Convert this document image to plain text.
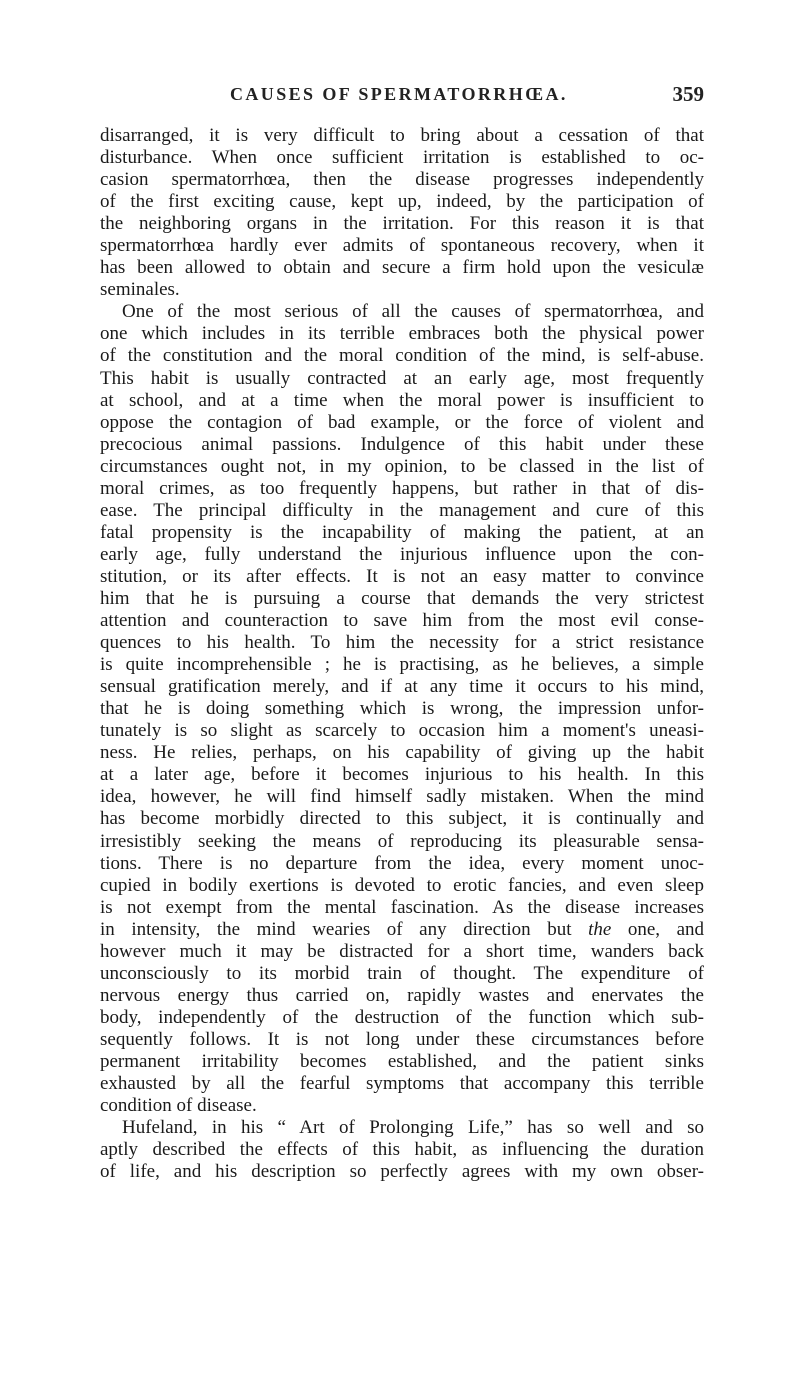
CAUSES OF SPERMATORRHŒA.	359
disarranged, it is very difficult to bring about a cessation of that
disturbance. When once sufficient irritation is established to oc-
casion spermatorrhœa, then the disease progresses independently
of the first exciting cause, kept up, indeed, by the participation of
the neighboring organs in the irritation. For this reason it is that
spermatorrhœa hardly ever admits of spontaneous recovery, when it
has been allowed to obtain and secure a firm hold upon the vesiculæ
seminales.
One of the most serious of all the causes of spermatorrhœa, and
one which includes in its terrible embraces both the physical power
of the constitution and the moral condition of the mind, is self-abuse.
This habit is usually contracted at an early age, most frequently
at school, and at a time when the moral power is insufficient to
oppose the contagion of bad example, or the force of violent and
precocious animal passions. Indulgence of this habit under these
circumstances ought not, in my opinion, to be classed in the list of
moral crimes, as too frequently happens, but rather in that of dis-
ease. The principal difficulty in the management and cure of this
fatal propensity is the incapability of making the patient, at an
early age, fully understand the injurious influence upon the con-
stitution, or its after effects. It is not an easy matter to convince
him that he is pursuing a course that demands the very strictest
attention and counteraction to save him from the most evil conse-
quences to his health. To him the necessity for a strict resistance
is quite incomprehensible ; he is practising, as he believes, a simple
sensual gratification merely, and if at any time it occurs to his mind,
that he is doing something which is wrong, the impression unfor-
tunately is so slight as scarcely to occasion him a moment's uneasi-
ness. He relies, perhaps, on his capability of giving up the habit
at a later age, before it becomes injurious to his health. In this
idea, however, he will find himself sadly mistaken. When the mind
has become morbidly directed to this subject, it is continually and
irresistibly seeking the means of reproducing its pleasurable sensa-
tions. There is no departure from the idea, every moment unoc-
cupied in bodily exertions is devoted to erotic fancies, and even sleep
is not exempt from the mental fascination. As the disease increases
in intensity, the mind wearies of any direction but the one, and
however much it may be distracted for a short time, wanders back
unconsciously to its morbid train of thought. The expenditure of
nervous energy thus carried on, rapidly wastes and enervates the
body, independently of the destruction of the function which sub-
sequently follows. It is not long under these circumstances before
permanent irritability becomes established, and the patient sinks
exhausted by all the fearful symptoms that accompany this terrible
condition of disease.
Hufeland, in his “ Art of Prolonging Life,” has so well and so
aptly described the effects of this habit, as influencing the duration
of life, and his description so perfectly agrees with my own obser-
